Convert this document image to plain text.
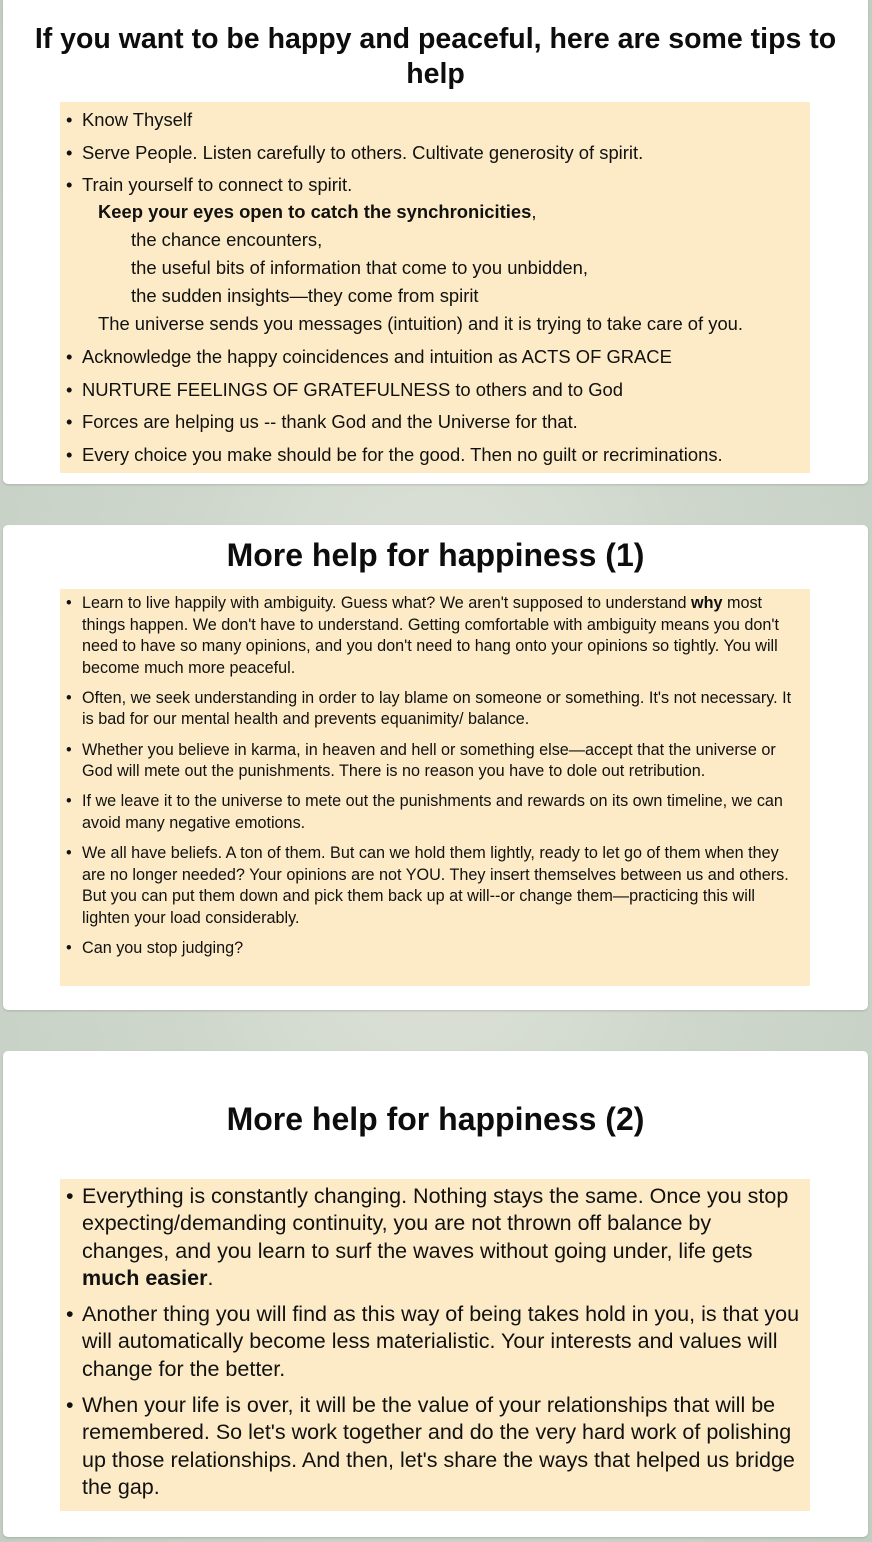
If you want to be happy and peaceful, here are some tips to help
• Know Thyself
• Serve People. Listen carefully to others. Cultivate generosity of spirit.
• Train yourself to connect to spirit.
Keep your eyes open to catch the synchronicities,
the chance encounters,
the useful bits of information that come to you unbidden,
the sudden insights—they come from spirit
The universe sends you messages (intuition) and it is trying to take care of you.
• Acknowledge the happy coincidences and intuition as ACTS OF GRACE
• NURTURE FEELINGS OF GRATEFULNESS to others and to God
• Forces are helping us -- thank God and the Universe for that.
• Every choice you make should be for the good. Then no guilt or recriminations.
More help for happiness (1)
• Learn to live happily with ambiguity. Guess what? We aren't supposed to understand why most things happen. We don't have to understand. Getting comfortable with ambiguity means you don't need to have so many opinions, and you don't need to hang onto your opinions so tightly. You will become much more peaceful.
• Often, we seek understanding in order to lay blame on someone or something. It's not necessary. It is bad for our mental health and prevents equanimity/ balance.
• Whether you believe in karma, in heaven and hell or something else—accept that the universe or God will mete out the punishments. There is no reason you have to dole out retribution.
• If we leave it to the universe to mete out the punishments and rewards on its own timeline, we can avoid many negative emotions.
• We all have beliefs. A ton of them. But can we hold them lightly, ready to let go of them when they are no longer needed? Your opinions are not YOU. They insert themselves between us and others. But you can put them down and pick them back up at will--or change them—practicing this will lighten your load considerably.
• Can you stop judging?
More help for happiness (2)
• Everything is constantly changing. Nothing stays the same. Once you stop expecting/demanding continuity, you are not thrown off balance by changes, and you learn to surf the waves without going under, life gets much easier.
• Another thing you will find as this way of being takes hold in you, is that you will automatically become less materialistic. Your interests and values will change for the better.
• When your life is over, it will be the value of your relationships that will be remembered. So let's work together and do the very hard work of polishing up those relationships. And then, let's share the ways that helped us bridge the gap.
